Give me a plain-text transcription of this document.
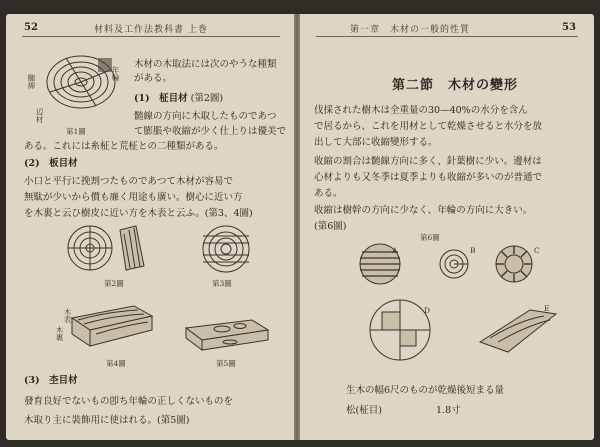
52	材料及工作法教科書 上巻
髄線
年輪
辺材
第1圖
木材の木取法には次のやうな種類
がある。
(1)　柾目材 (第2圖)
髄線の方向に木取したものであつ
て膨脹や收縮が少く仕上りは優美で
ある。これには糸柾と荒柾との二種類がある。
(2)　板目材
小口と平行に挽割つたものであつて木材が容易で
無駄が少いから價も廉く用途も廣い。樹心に近い方
を木裏と云ひ樹皮に近い方を木表と云ふ。(第3、4圖)
第2圖	第3圖
木表
木裏
第4圖	第5圖
(3)　杢目材
發育良好でないもの卽ち年輪の正しくないものを
木取り主に裝飾用に使はれる。(第5圖)
第一章　木材の一般的性質	53
第二節　木材の變形
伐採された樹木は全重量の30—40%の水分を含ん
で居るから、これを用材として乾燥させると水分を放
出して大部に收縮變形する。
收縮の割合は髄線方向に多く、針葉樹に少い。邊材は
心材よりも又冬季は夏季よりも收縮が多いのが普通で
ある。
收縮は樹幹の方向に少なく、年輪の方向に大きい。
(第6圖)
第6圖
A	B	C
D	E
生木の幅6尺のものが乾燥後短まる量
松(柾目)	1.8寸
